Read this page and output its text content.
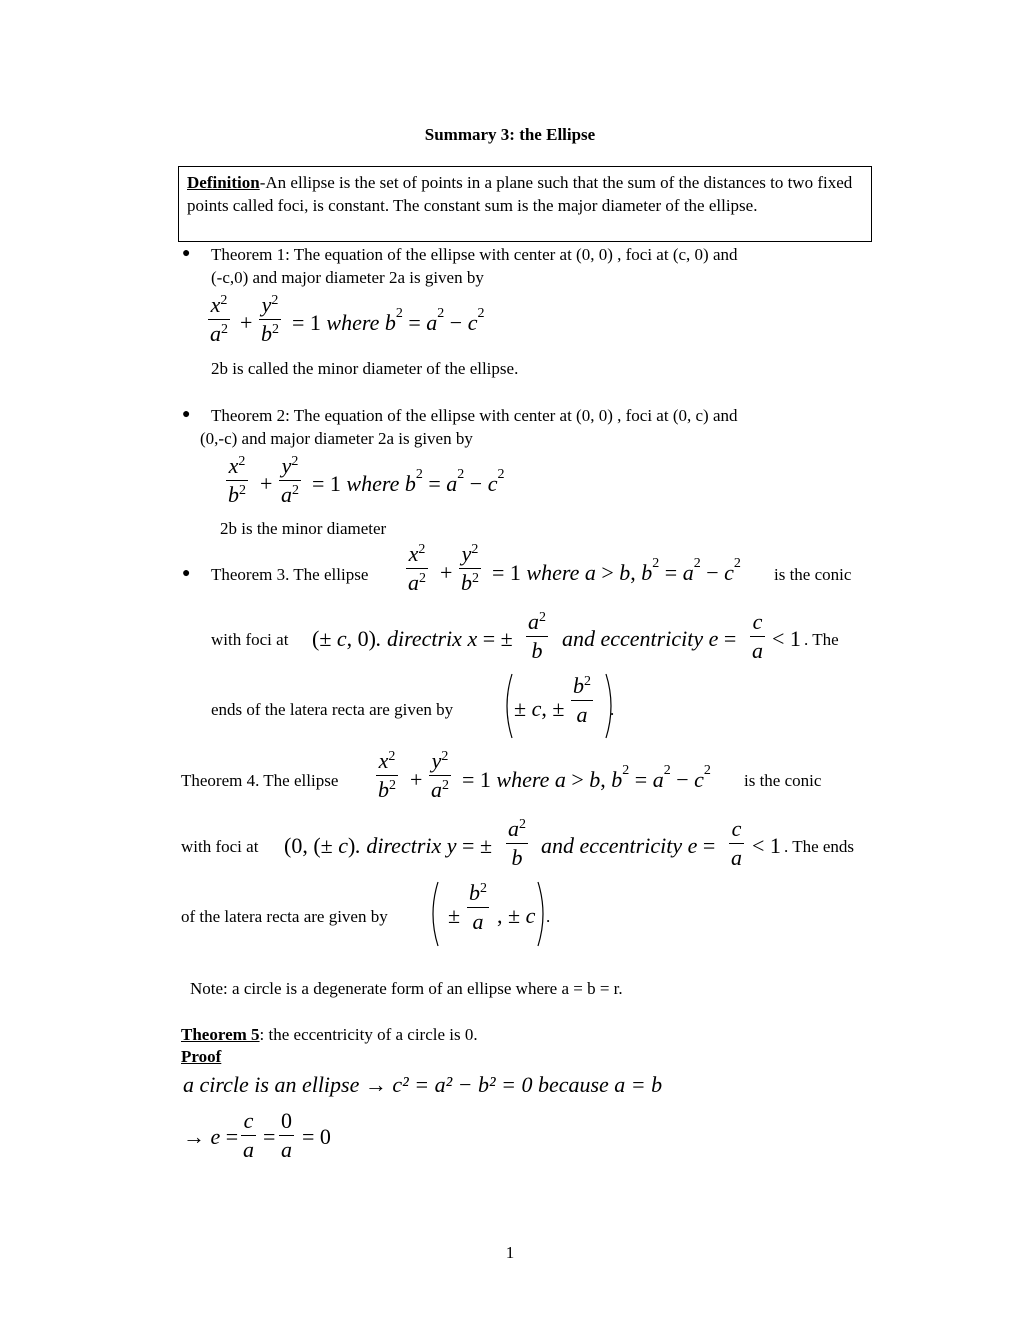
Summary 3: the Ellipse
Definition-An ellipse is the set of points in a plane such that the sum of the distances to two fixed points called foci, is constant. The constant sum is the major diameter of the ellipse.
● Theorem 1: The equation of the ellipse with center at (0, 0) , foci at (c, 0) and
(-c,0) and major diameter 2a is given by
$x^2$
$a^2$ +
$y^2$
$b^2 = 1$ where $b^2 = a^2 - c^2$
2b is called the minor diameter of the ellipse.
● Theorem 2: The equation of the ellipse with center at (0, 0) , foci at (0, c) and
(0,-c) and major diameter 2a is given by
$x^2$
$b^2$ +
$y^2$
$a^2 = 1$ where $b^2 = a^2 - c^2$
2b is the minor diameter
● Theorem 3. The ellipse
$x^2$
$a^2$ +
$y^2$
$b^2 = 1$ where a > b, $b^2 = a^2 - c^2$
is the conic
with foci at (± c, 0). directrix x = ±
$a^2$
b and eccentricity e =
c
a < 1 . The
ends of the latera recta are given by	± c, ±
$b^2$
a .
Theorem 4. The ellipse
$x^2$
$b^2$ +
$y^2$
$a^2 = 1$ where a > b, $b^2 = a^2 - c^2$
is the conic
with foci at (0, (± c). directrix y = ±
$a^2$
b and eccentricity e =
c
a < 1 . The ends
of the latera recta are given by	±
$b^2$
a , ± c .
Note: a circle is a degenerate form of an ellipse where a = b = r.
Theorem 5: the eccentricity of a circle is 0.
Proof
a circle is an ellipse → c² = a² − b² = 0 because a = b
→ e =
c
a
=
0
a
= 0
1
